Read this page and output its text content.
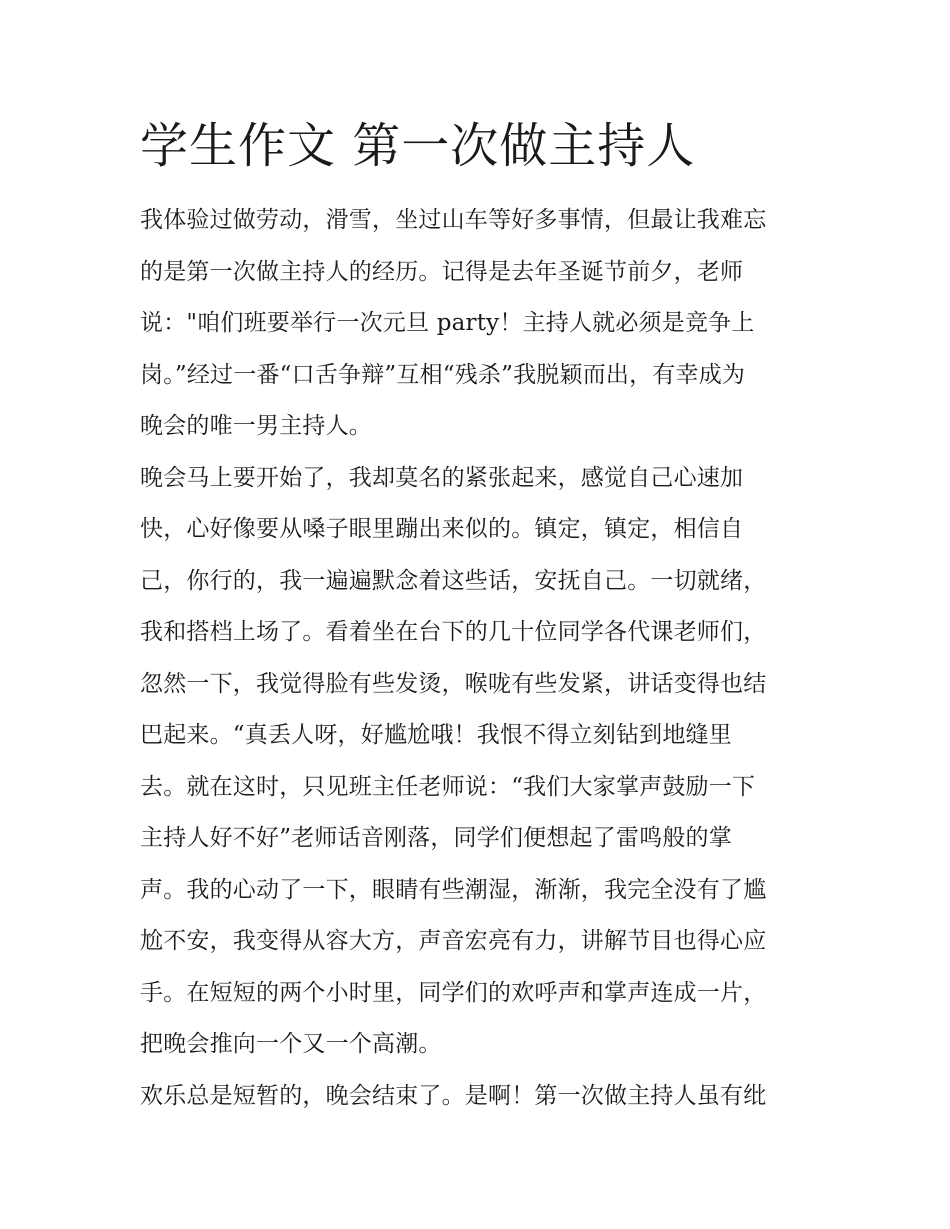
学生作文 第一次做主持人
我体验过做劳动，滑雪，坐过山车等好多事情，但最让我难忘
的是第一次做主持人的经历。记得是去年圣诞节前夕，老师
说："咱们班要举行一次元旦 party！主持人就必须是竞争上
岗。”经过一番“口舌争辩”互相“残杀”我脱颖而出，有幸成为
晚会的唯一男主持人。
晚会马上要开始了，我却莫名的紧张起来，感觉自己心速加
快，心好像要从嗓子眼里蹦出来似的。镇定，镇定，相信自
己，你行的，我一遍遍默念着这些话，安抚自己。一切就绪，
我和搭档上场了。看着坐在台下的几十位同学各代课老师们，
忽然一下，我觉得脸有些发烫，喉咙有些发紧，讲话变得也结
巴起来。“真丢人呀，好尴尬哦！我恨不得立刻钻到地缝里
去。就在这时，只见班主任老师说：“我们大家掌声鼓励一下
主持人好不好”老师话音刚落，同学们便想起了雷鸣般的掌
声。我的心动了一下，眼睛有些潮湿，渐渐，我完全没有了尴
尬不安，我变得从容大方，声音宏亮有力，讲解节目也得心应
手。在短短的两个小时里，同学们的欢呼声和掌声连成一片，
把晚会推向一个又一个高潮。
欢乐总是短暂的，晚会结束了。是啊！第一次做主持人虽有纰
